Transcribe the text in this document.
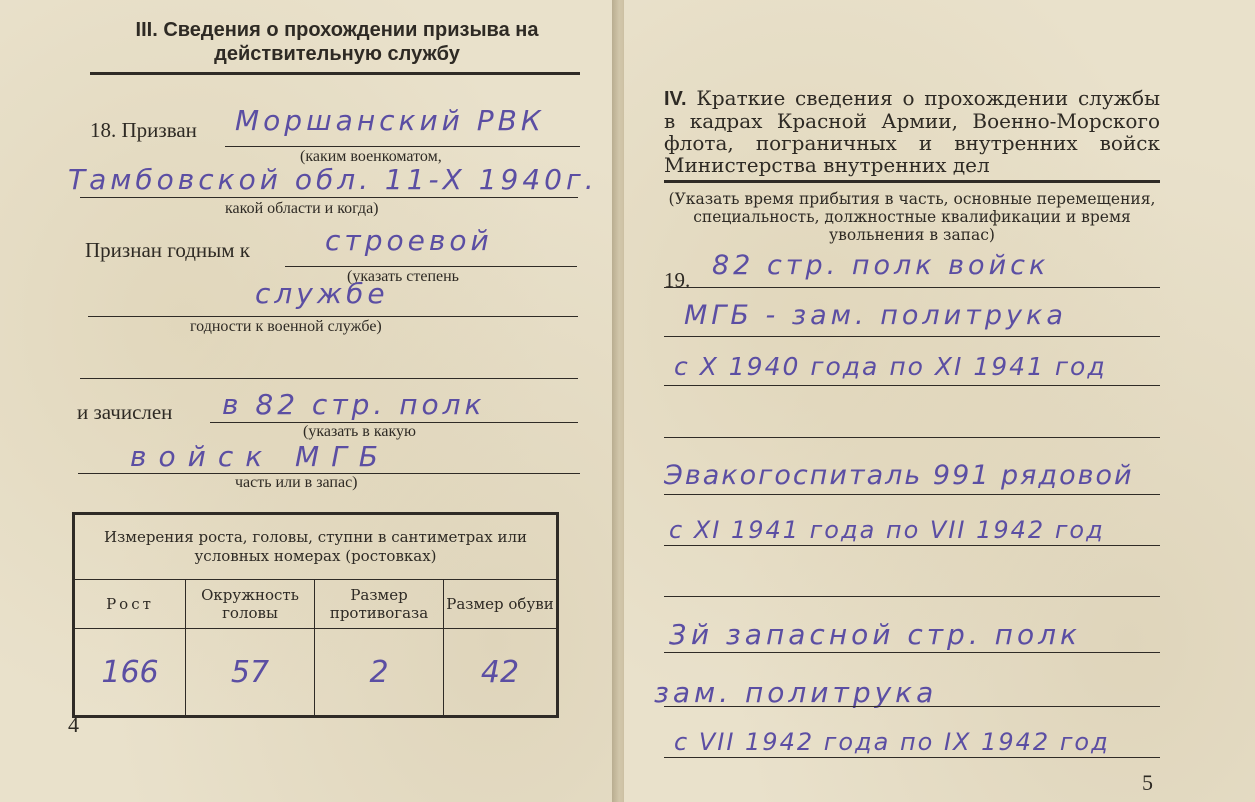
III. Сведения о прохождении призыва на
действительную службу
18. Призван Моршанский РВК
(каким военкоматом,
Тамбовской обл. 11-Х 1940г.
какой области и когда)
Признан годным к	строевой
(указать степень
службе
годности к военной службе)
и зачислен в 82 стр. полк
(указать в какую
войск МГБ
часть или в запас)
Измерения роста, головы, ступни в сантиметрах или условных номерах (ростовках)			
Рост	Окружность головы	Размер противогаза	Размер обуви
166	57	2	42
4
IV. Краткие сведения о прохождении службы в кадрах Красной Армии, Военно-Морского флота, пограничных и внутренних войск Министерства внутренних дел
(Указать время прибытия в часть, основные перемещения, специальность, должностные квалификации и время увольнения в запас)
19. 82 стр. полк войск
МГБ - зам. политрука
с Х 1940 года по ХI 1941 год
Эвакогоспиталь 991 рядовой
с ХI 1941 года по VII 1942 год
3й запасной стр. полк
зам. политрука
с VII 1942 года по IХ 1942 год
5
